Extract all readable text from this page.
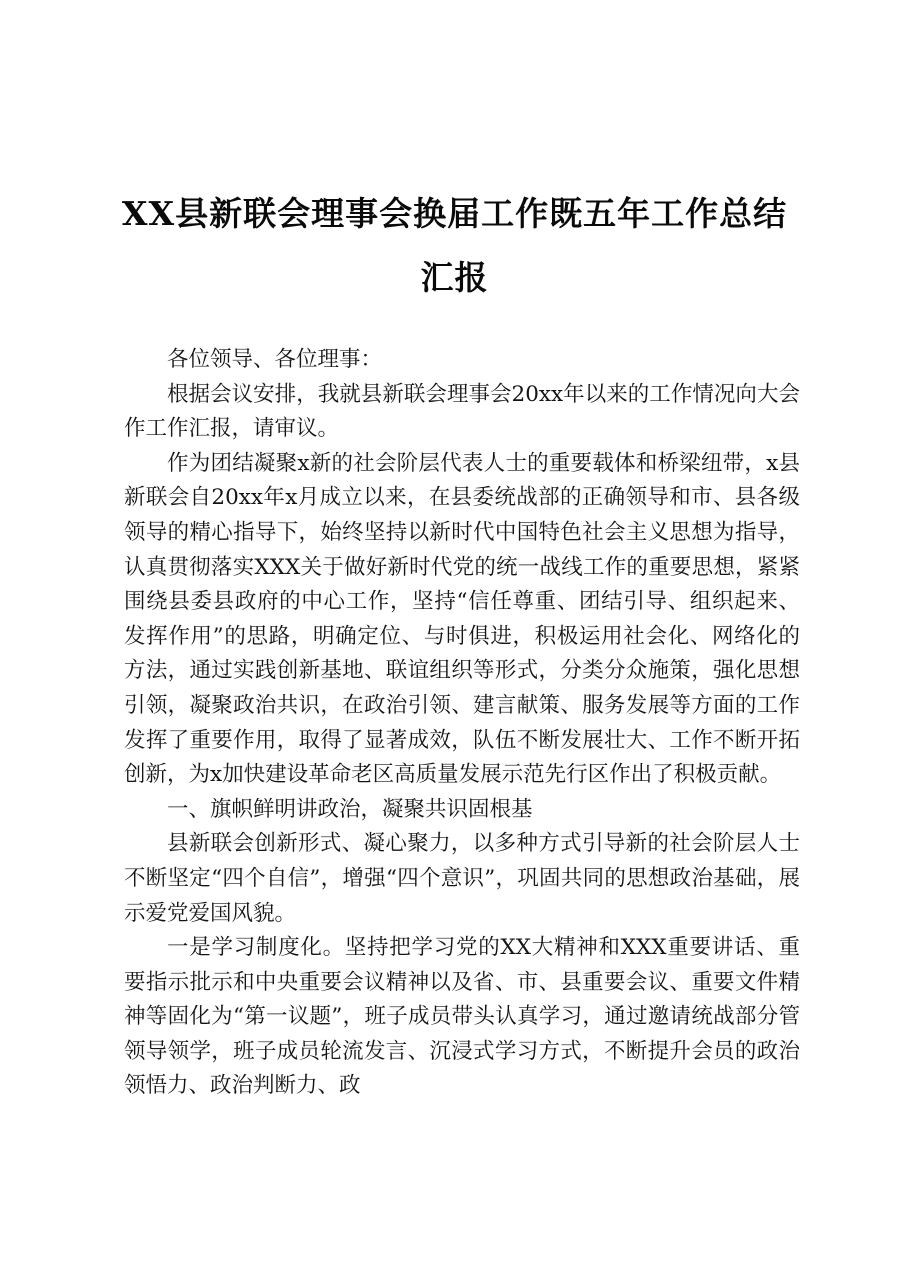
XX县新联会理事会换届工作既五年工作总结
汇报

各位领导、各位理事：

根据会议安排，我就县新联会理事会20xx年以来的工作情况向大会作工作汇报，请审议。

作为团结凝聚x新的社会阶层代表人士的重要载体和桥梁纽带，x县新联会自20xx年x月成立以来，在县委统战部的正确领导和市、县各级领导的精心指导下，始终坚持以新时代中国特色社会主义思想为指导，认真贯彻落实XXX关于做好新时代党的统一战线工作的重要思想，紧紧围绕县委县政府的中心工作，坚持“信任尊重、团结引导、组织起来、发挥作用”的思路，明确定位、与时俱进，积极运用社会化、网络化的方法，通过实践创新基地、联谊组织等形式，分类分众施策，强化思想引领，凝聚政治共识，在政治引领、建言献策、服务发展等方面的工作发挥了重要作用，取得了显著成效，队伍不断发展壮大、工作不断开拓创新，为x加快建设革命老区高质量发展示范先行区作出了积极贡献。

一、旗帜鲜明讲政治，凝聚共识固根基

县新联会创新形式、凝心聚力，以多种方式引导新的社会阶层人士不断坚定“四个自信”，增强“四个意识”，巩固共同的思想政治基础，展示爱党爱国风貌。

一是学习制度化。坚持把学习党的XX大精神和XXX重要讲话、重要指示批示和中央重要会议精神以及省、市、县重要会议、重要文件精神等固化为“第一议题”，班子成员带头认真学习，通过邀请统战部分管领导领学，班子成员轮流发言、沉浸式学习方式，不断提升会员的政治领悟力、政治判断力、政
